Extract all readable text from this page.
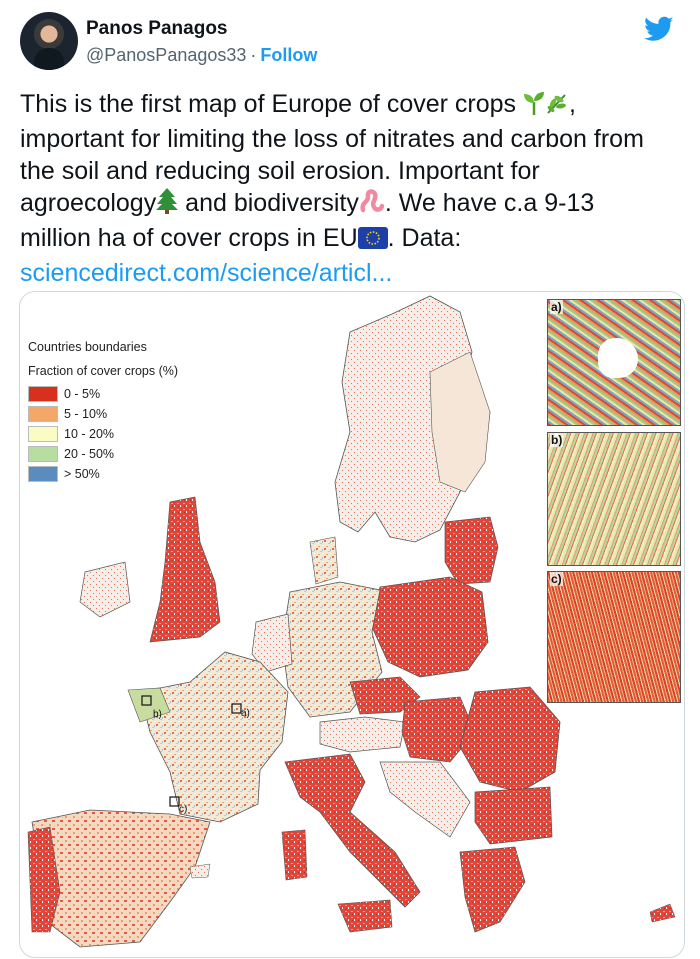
Panos Panagos
@PanosPanagos33 · Follow
This is the first map of Europe of cover crops ,
important for limiting the loss of nitrates and carbon from
the soil and reducing soil erosion. Important for
agroecology and biodiversity . We have c.a 9-13
million ha of cover crops in EU . Data:
sciencedirect.com/science/articl...
b)	a)
c)
Countries boundaries
Fraction of cover crops (%)
0 - 5%
5 - 10%
10 - 20%
20 - 50%
> 50%
a)
b)
c)
